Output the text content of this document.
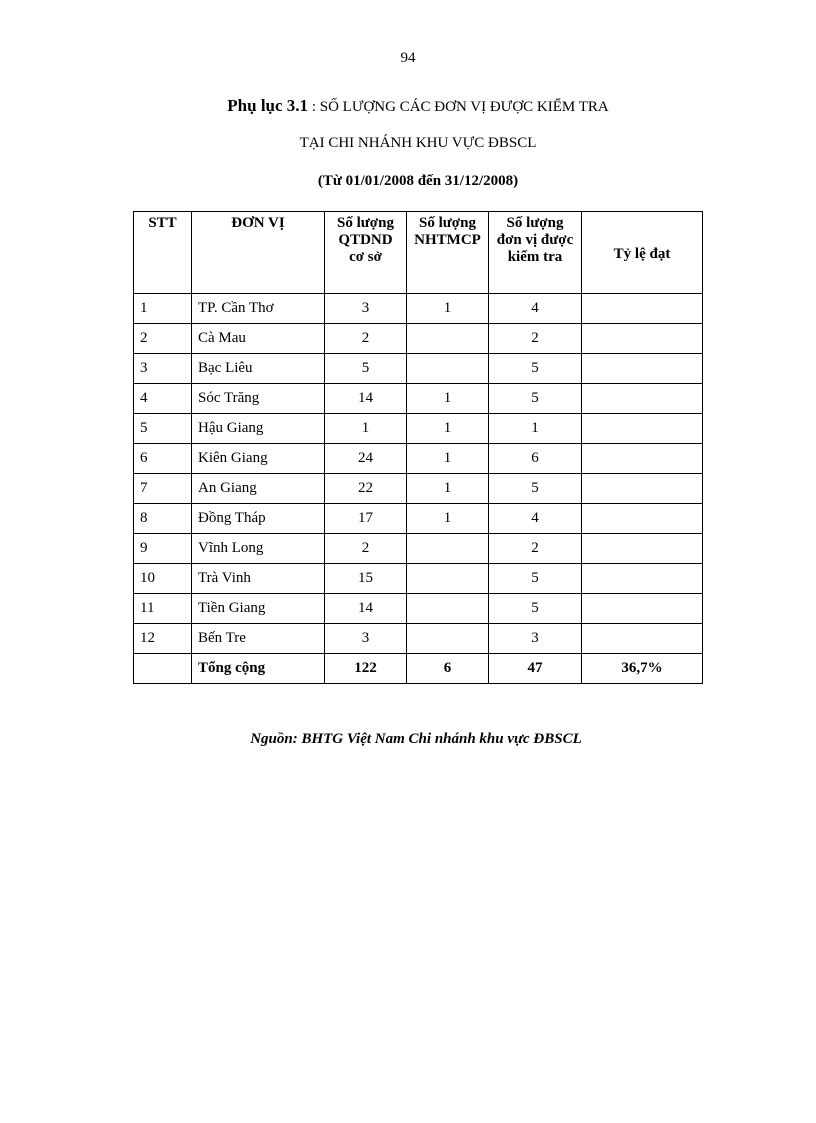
94
Phụ lục 3.1 : SỐ LƯỢNG CÁC ĐƠN VỊ ĐƯỢC KIỂM TRA
TẠI CHI NHÁNH KHU VỰC ĐBSCL
(Từ 01/01/2008 đến 31/12/2008)
STT	ĐƠN VỊ	Số lượng QTDND cơ sở	Số lượng NHTMCP	Số lượng đơn vị được kiểm tra	Tỷ lệ đạt
1	TP. Cần Thơ	3	1	4	
2	Cà Mau	2		2	
3	Bạc Liêu	5		5	
4	Sóc Trăng	14	1	5	
5	Hậu Giang	1	1	1	
6	Kiên Giang	24	1	6	
7	An Giang	22	1	5	
8	Đồng Tháp	17	1	4	
9	Vĩnh Long	2		2	
10	Trà Vinh	15		5	
11	Tiền Giang	14		5	
12	Bến Tre	3		3	
	Tổng cộng	122	6	47	36,7%
Nguồn: BHTG Việt Nam Chi nhánh khu vực ĐBSCL
